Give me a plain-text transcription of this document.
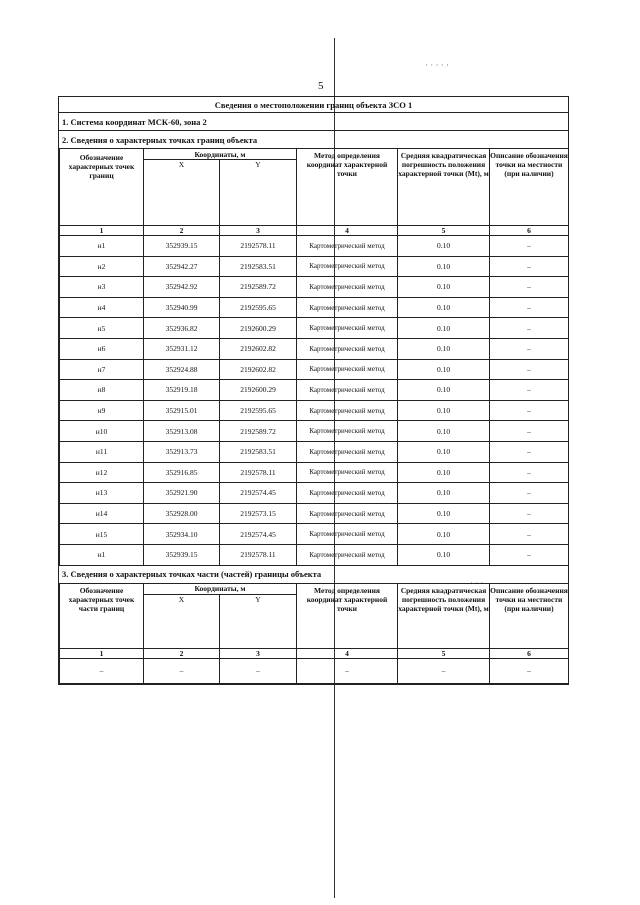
5
· · · · ·
· · ·
Сведения о местоположении границ объекта ЗСО 1
1. Система координат МСК-60, зона 2
2. Сведения о характерных точках границ объекта
Обозначение характерных точек границ	Координаты, м		Метод определения координат характерной точки	Средняя квадратическая погрешность положения характерной точки (Mt), м	Описание обозначения точки на местности (при наличии)
	X	Y			
1	2	3	4	5	6
н1	352939.15	2192578.11	Картометрический метод	0.10	–
н2	352942.27	2192583.51	Картометрический метод	0.10	–
н3	352942.92	2192589.72	Картометрический метод	0.10	–
н4	352940.99	2192595.65	Картометрический метод	0.10	–
н5	352936.82	2192600.29	Картометрический метод	0.10	–
н6	352931.12	2192602.82	Картометрический метод	0.10	–
н7	352924.88	2192602.82	Картометрический метод	0.10	–
н8	352919.18	2192600.29	Картометрический метод	0.10	–
н9	352915.01	2192595.65	Картометрический метод	0.10	–
н10	352913.08	2192589.72	Картометрический метод	0.10	–
н11	352913.73	2192583.51	Картометрический метод	0.10	–
н12	352916.85	2192578.11	Картометрический метод	0.10	–
н13	352921.90	2192574.45	Картометрический метод	0.10	–
н14	352928.00	2192573.15	Картометрический метод	0.10	–
н15	352934.10	2192574.45	Картометрический метод	0.10	–
н1	352939.15	2192578.11	Картометрический метод	0.10	–
3. Сведения о характерных точках части (частей) границы объекта
Обозначение характерных точек части границ	Координаты, м		Метод определения координат характерной точки	Средняя квадратическая погрешность положения характерной точки (Mt), м	Описание обозначения точки на местности (при наличии)
	X	Y			
1	2	3	4	5	6
–	–	–	–	–	–
